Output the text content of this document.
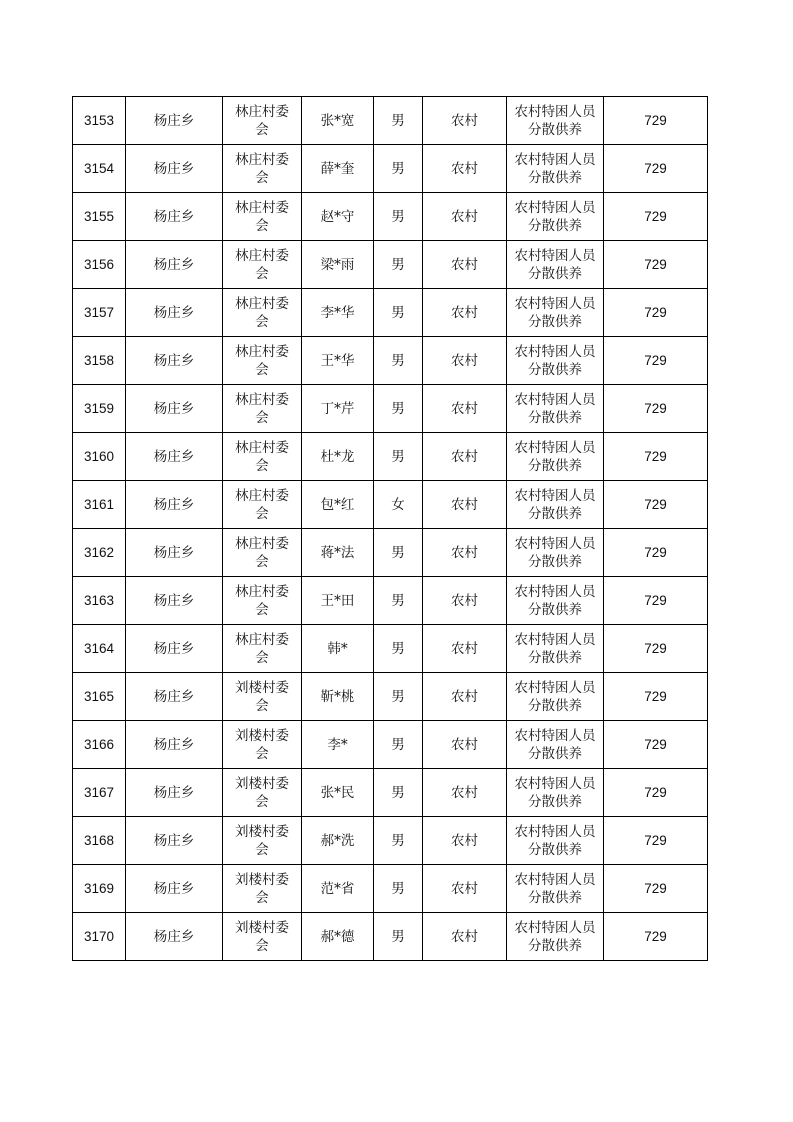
3153	杨庄乡	林庄村委会	张*宽	男	农村	农村特困人员分散供养	729
3154	杨庄乡	林庄村委会	薛*奎	男	农村	农村特困人员分散供养	729
3155	杨庄乡	林庄村委会	赵*守	男	农村	农村特困人员分散供养	729
3156	杨庄乡	林庄村委会	梁*雨	男	农村	农村特困人员分散供养	729
3157	杨庄乡	林庄村委会	李*华	男	农村	农村特困人员分散供养	729
3158	杨庄乡	林庄村委会	王*华	男	农村	农村特困人员分散供养	729
3159	杨庄乡	林庄村委会	丁*芹	男	农村	农村特困人员分散供养	729
3160	杨庄乡	林庄村委会	杜*龙	男	农村	农村特困人员分散供养	729
3161	杨庄乡	林庄村委会	包*红	女	农村	农村特困人员分散供养	729
3162	杨庄乡	林庄村委会	蒋*法	男	农村	农村特困人员分散供养	729
3163	杨庄乡	林庄村委会	王*田	男	农村	农村特困人员分散供养	729
3164	杨庄乡	林庄村委会	韩*	男	农村	农村特困人员分散供养	729
3165	杨庄乡	刘楼村委会	靳*桃	男	农村	农村特困人员分散供养	729
3166	杨庄乡	刘楼村委会	李*	男	农村	农村特困人员分散供养	729
3167	杨庄乡	刘楼村委会	张*民	男	农村	农村特困人员分散供养	729
3168	杨庄乡	刘楼村委会	郝*洗	男	农村	农村特困人员分散供养	729
3169	杨庄乡	刘楼村委会	范*省	男	农村	农村特困人员分散供养	729
3170	杨庄乡	刘楼村委会	郝*德	男	农村	农村特困人员分散供养	729
